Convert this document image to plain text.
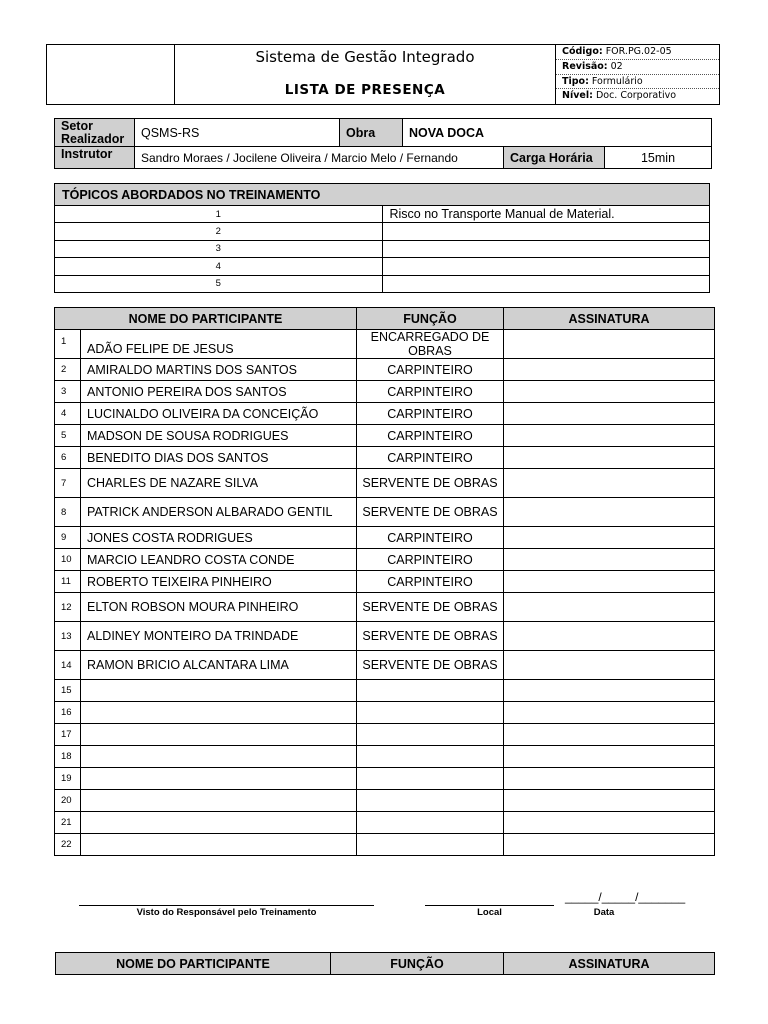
Sistema de Gestão Integrado
LISTA DE PRESENÇA

Código: FOR.PG.02-05
Revisão: 02
Tipo: Formulário
Nível: Doc. Corporativo
Setor Realizador	QSMS-RS	Obra	NOVA DOCA		
Instrutor	Sandro Moraes / Jocilene Oliveira / Marcio Melo / Fernando			Carga Horária	15min
TÓPICOS ABORDADOS NO TREINAMENTO	
1	Risco no Transporte Manual de Material.
2	
3	
4	
5	
NOME DO PARTICIPANTE		FUNÇÃO	ASSINATURA
1	ADÃO FELIPE DE JESUS	ENCARREGADO DE OBRAS	
2	AMIRALDO MARTINS DOS SANTOS	CARPINTEIRO	
3	ANTONIO PEREIRA DOS SANTOS	CARPINTEIRO	
4	LUCINALDO OLIVEIRA DA CONCEIÇÃO	CARPINTEIRO	
5	MADSON DE SOUSA RODRIGUES	CARPINTEIRO	
6	BENEDITO DIAS DOS SANTOS	CARPINTEIRO	
7	CHARLES DE NAZARE SILVA	SERVENTE DE OBRAS	
8	PATRICK ANDERSON ALBARADO GENTIL	SERVENTE DE OBRAS	
9	JONES COSTA RODRIGUES	CARPINTEIRO	
10	MARCIO LEANDRO COSTA CONDE	CARPINTEIRO	
11	ROBERTO TEIXEIRA PINHEIRO	CARPINTEIRO	
12	ELTON ROBSON MOURA PINHEIRO	SERVENTE DE OBRAS	
13	ALDINEY MONTEIRO DA TRINDADE	SERVENTE DE OBRAS	
14	RAMON BRICIO ALCANTARA LIMA	SERVENTE DE OBRAS	
15			
16			
17			
18			
19			
20			
21			
22			
Visto do Responsável pelo Treinamento	Local
_____/_____/_______
Data
NOME DO PARTICIPANTE	FUNÇÃO	ASSINATURA
